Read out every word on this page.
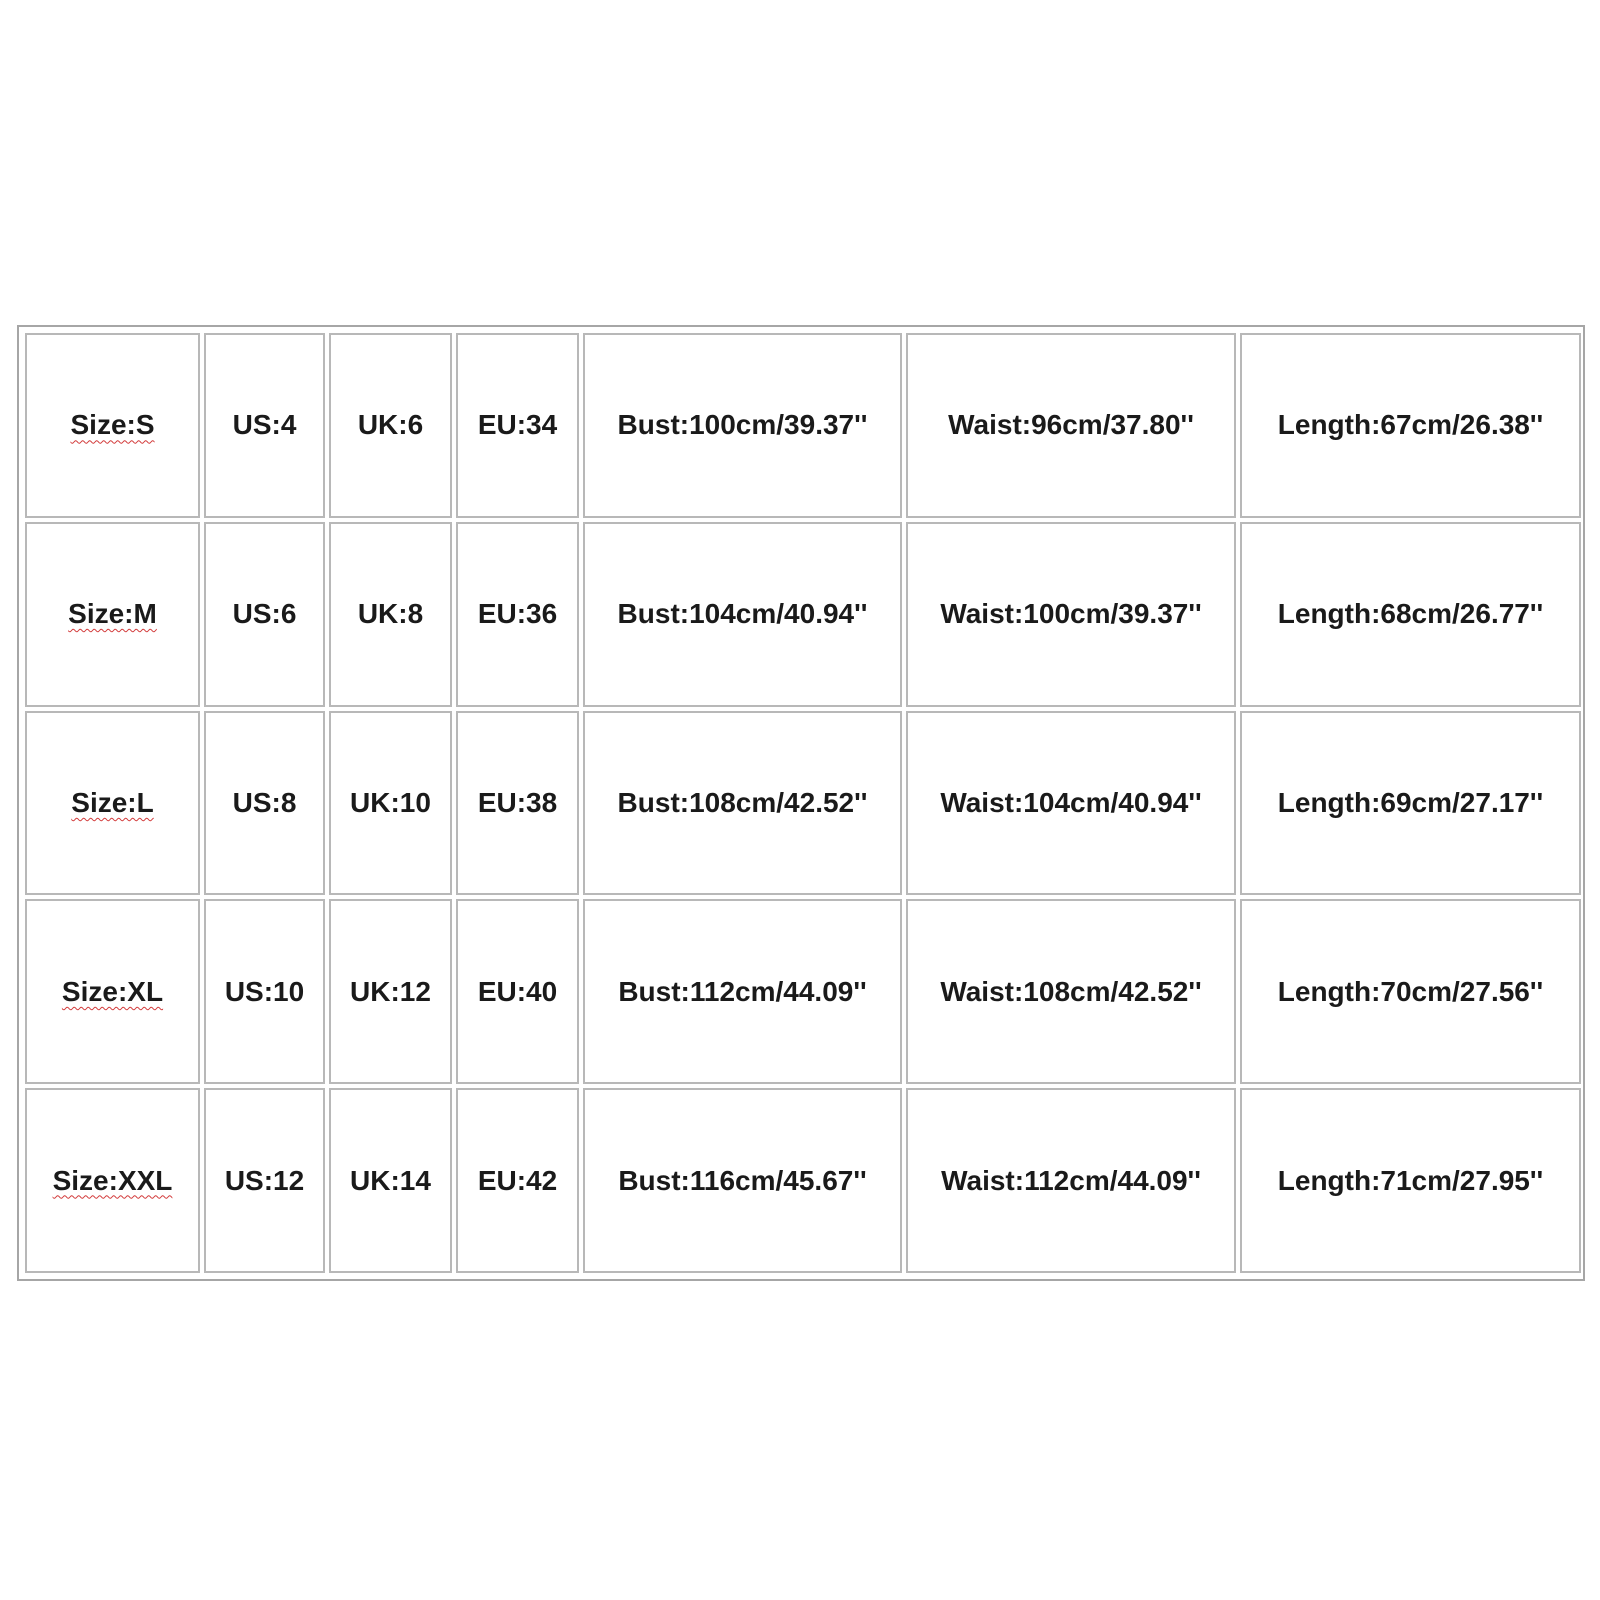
Size:S	US:4	UK:6	EU:34	Bust:100cm/39.37''	Waist:96cm/37.80''	Length:67cm/26.38''
Size:M	US:6	UK:8	EU:36	Bust:104cm/40.94''	Waist:100cm/39.37''	Length:68cm/26.77''
Size:L	US:8	UK:10	EU:38	Bust:108cm/42.52''	Waist:104cm/40.94''	Length:69cm/27.17''
Size:XL	US:10	UK:12	EU:40	Bust:112cm/44.09''	Waist:108cm/42.52''	Length:70cm/27.56''
Size:XXL	US:12	UK:14	EU:42	Bust:116cm/45.67''	Waist:112cm/44.09''	Length:71cm/27.95''
